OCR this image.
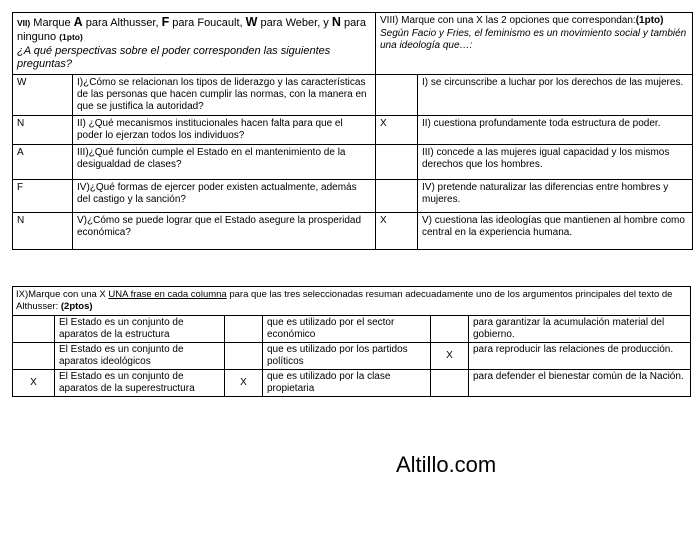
VII) Marque A para Althusser, F para Foucault, W para Weber, y N para ninguno (1pto)
¿A qué perspectivas sobre el poder corresponden las siguientes preguntas?		VIII) Marque con una X las 2 opciones que correspondan:(1pto)
Según Facio y Fries, el feminismo es un movimiento social y también una ideología que…:	
W	I)¿Cómo se relacionan los tipos de liderazgo y las características de las personas que hacen cumplir las normas, con la manera en que se justifica la autoridad?		I) se circunscribe a luchar por los derechos de las mujeres.
N	II) ¿Qué mecanismos institucionales hacen falta para que el poder lo ejerzan todos los individuos?	X	II) cuestiona profundamente toda estructura de poder.
A	III)¿Qué función cumple el Estado en el mantenimiento de la desigualdad de clases?		III) concede a las mujeres igual capacidad y los mismos derechos que los hombres.
F	IV)¿Qué formas de ejercer poder existen actualmente, además del castigo y la sanción?		IV) pretende naturalizar las diferencias entre hombres y mujeres.
N	V)¿Cómo se puede lograr que el Estado asegure la prosperidad económica?	X	V) cuestiona las ideologías que mantienen al hombre como central en la experiencia humana.
IX)Marque con una X UNA frase en cada columna para que las tres seleccionadas resuman adecuadamente uno de los argumentos principales del texto de Althusser: (2ptos)					
	El Estado es un conjunto de aparatos de la estructura		que es utilizado por el sector económico		para garantizar la acumulación material del gobierno.
	El Estado es un conjunto de aparatos ideológicos		que es utilizado por los partidos políticos	X	para reproducir las relaciones de producción.
X	El Estado es un conjunto de aparatos de la superestructura	X	que es utilizado por la clase propietaria		para defender el bienestar común de la Nación.
Altillo.com
